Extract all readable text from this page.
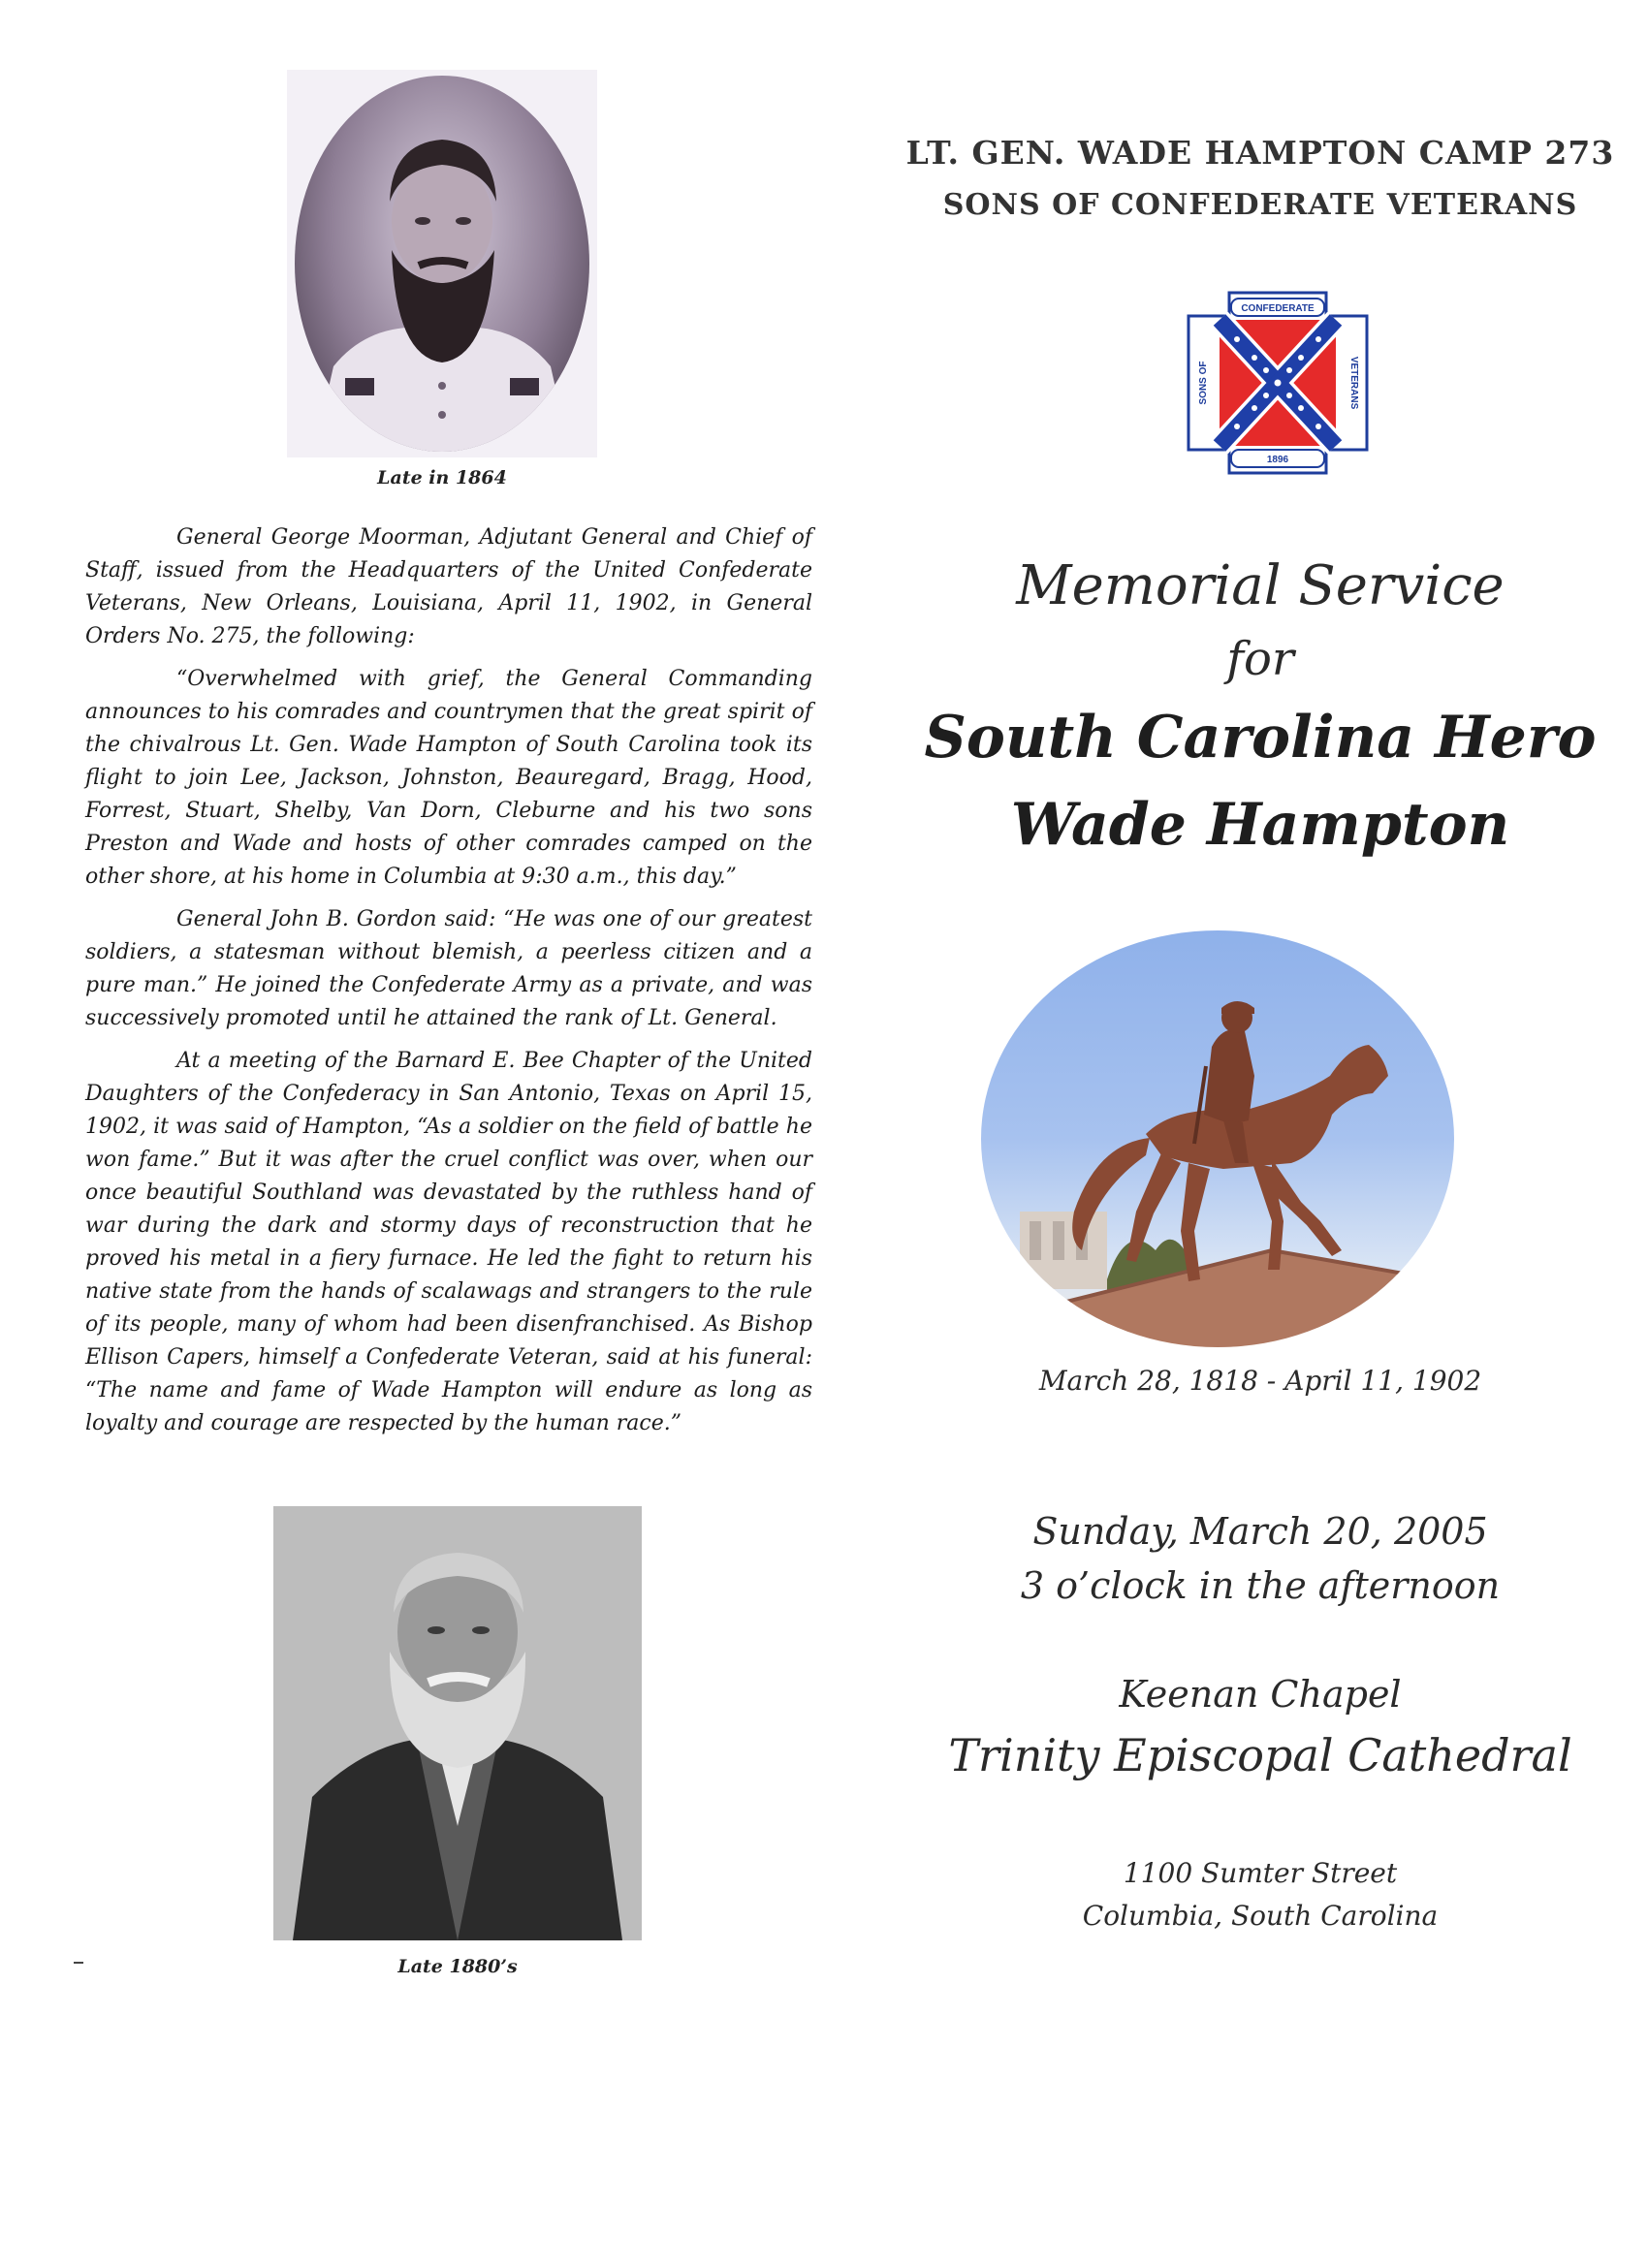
Late in 1864

General George Moorman, Adjutant General and Chief of Staff, issued from the Headquarters of the United Confederate Veterans, New Orleans, Louisiana, April 11, 1902, in General Orders No. 275, the following:

“Overwhelmed with grief, the General Commanding announces to his comrades and countrymen that the great spirit of the chivalrous Lt. Gen. Wade Hampton of South Carolina took its flight to join Lee, Jackson, Johnston, Beauregard, Bragg, Hood, Forrest, Stuart, Shelby, Van Dorn, Cleburne and his two sons Preston and Wade and hosts of other comrades camped on the other shore, at his home in Columbia at 9:30 a.m., this day.”

General John B. Gordon said: “He was one of our greatest soldiers, a statesman without blemish, a peerless citizen and a pure man.” He joined the Confederate Army as a private, and was successively promoted until he attained the rank of Lt. General.

At a meeting of the Barnard E. Bee Chapter of the United Daughters of the Confederacy in San Antonio, Texas on April 15, 1902, it was said of Hampton, “As a soldier on the field of battle he won fame.” But it was after the cruel conflict was over, when our once beautiful Southland was devastated by the ruthless hand of war during the dark and stormy days of reconstruction that he proved his metal in a fiery furnace. He led the fight to return his native state from the hands of scalawags and strangers to the rule of its people, many of whom had been disenfranchised. As Bishop Ellison Capers, himself a Confederate Veteran, said at his funeral: “The name and fame of Wade Hampton will endure as long as loyalty and courage are respected by the human race.”

Late 1880’s
LT. GEN. WADE HAMPTON CAMP 273
SONS OF CONFEDERATE VETERANS
CONFEDERATE
1896
SONS OF	VETERANS
Memorial Service
for
South Carolina Hero
Wade Hampton
March 28, 1818 - April 11, 1902
Sunday, March 20, 2005
3 o’clock in the afternoon
Keenan Chapel
Trinity Episcopal Cathedral
1100 Sumter Street
Columbia, South Carolina
